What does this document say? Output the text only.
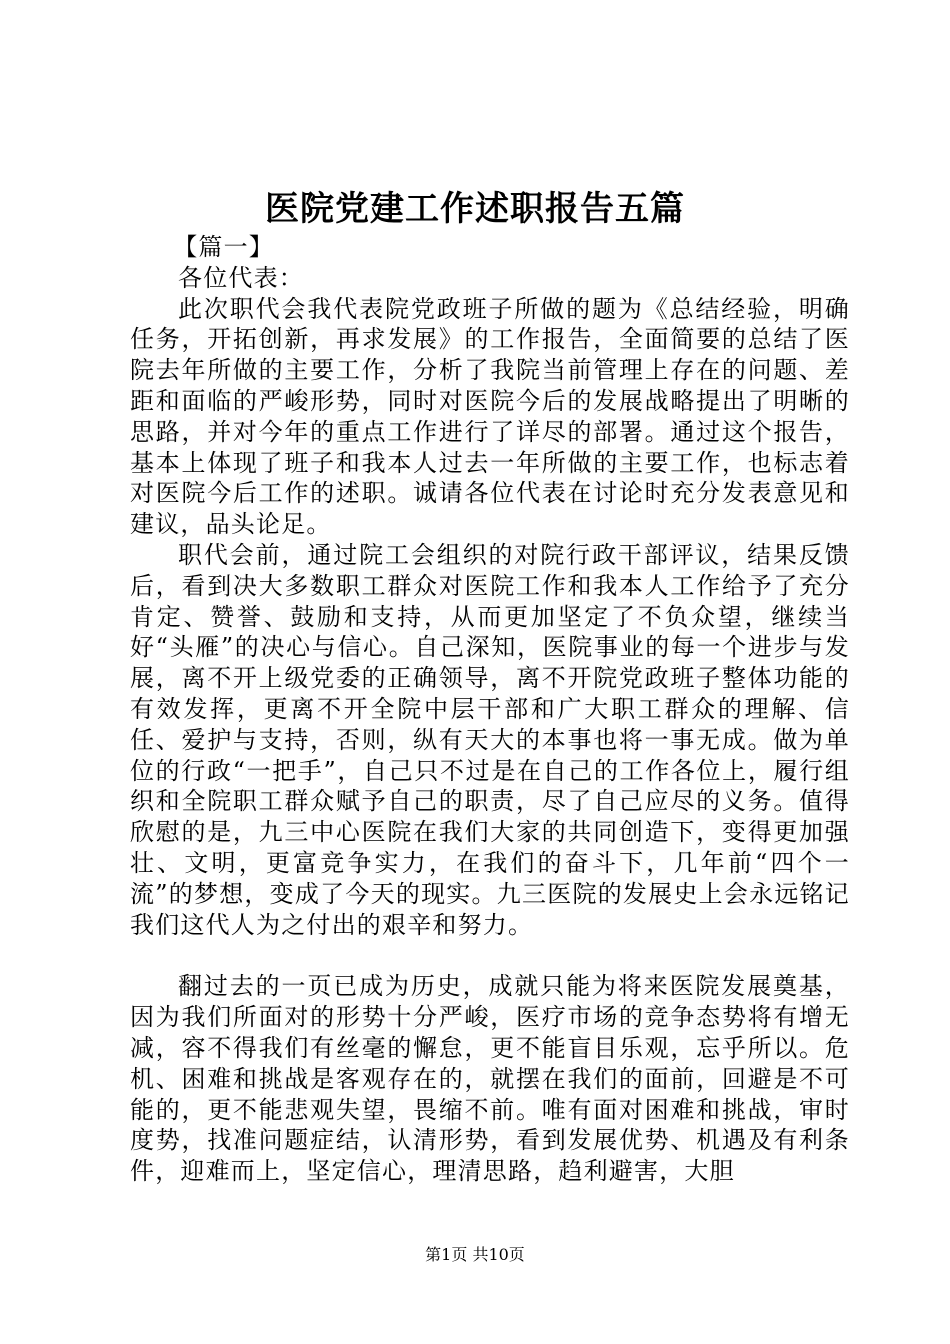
医院党建工作述职报告五篇

【篇一】

各位代表：

此次职代会我代表院党政班子所做的题为《总结经验，明确任务，开拓创新，再求发展》的工作报告，全面简要的总结了医院去年所做的主要工作，分析了我院当前管理上存在的问题、差距和面临的严峻形势，同时对医院今后的发展战略提出了明晰的思路，并对今年的重点工作进行了详尽的部署。通过这个报告，基本上体现了班子和我本人过去一年所做的主要工作，也标志着对医院今后工作的述职。诚请各位代表在讨论时充分发表意见和建议，品头论足。

职代会前，通过院工会组织的对院行政干部评议，结果反馈后，看到决大多数职工群众对医院工作和我本人工作给予了充分肯定、赞誉、鼓励和支持，从而更加坚定了不负众望，继续当好“头雁”的决心与信心。自己深知，医院事业的每一个进步与发展，离不开上级党委的正确领导，离不开院党政班子整体功能的有效发挥，更离不开全院中层干部和广大职工群众的理解、信任、爱护与支持，否则，纵有天大的本事也将一事无成。做为单位的行政“一把手”，自己只不过是在自己的工作各位上，履行组织和全院职工群众赋予自己的职责，尽了自己应尽的义务。值得欣慰的是，九三中心医院在我们大家的共同创造下，变得更加强壮、文明，更富竞争实力，在我们的奋斗下，几年前“四个一流”的梦想，变成了今天的现实。九三医院的发展史上会永远铭记我们这代人为之付出的艰辛和努力。

翻过去的一页已成为历史，成就只能为将来医院发展奠基，因为我们所面对的形势十分严峻，医疗市场的竞争态势将有增无减，容不得我们有丝毫的懈怠，更不能盲目乐观，忘乎所以。危机、困难和挑战是客观存在的，就摆在我们的面前，回避是不可能的，更不能悲观失望，畏缩不前。唯有面对困难和挑战，审时度势，找准问题症结，认清形势，看到发展优势、机遇及有利条件，迎难而上，坚定信心，理清思路，趋利避害，大胆

第1页 共10页
